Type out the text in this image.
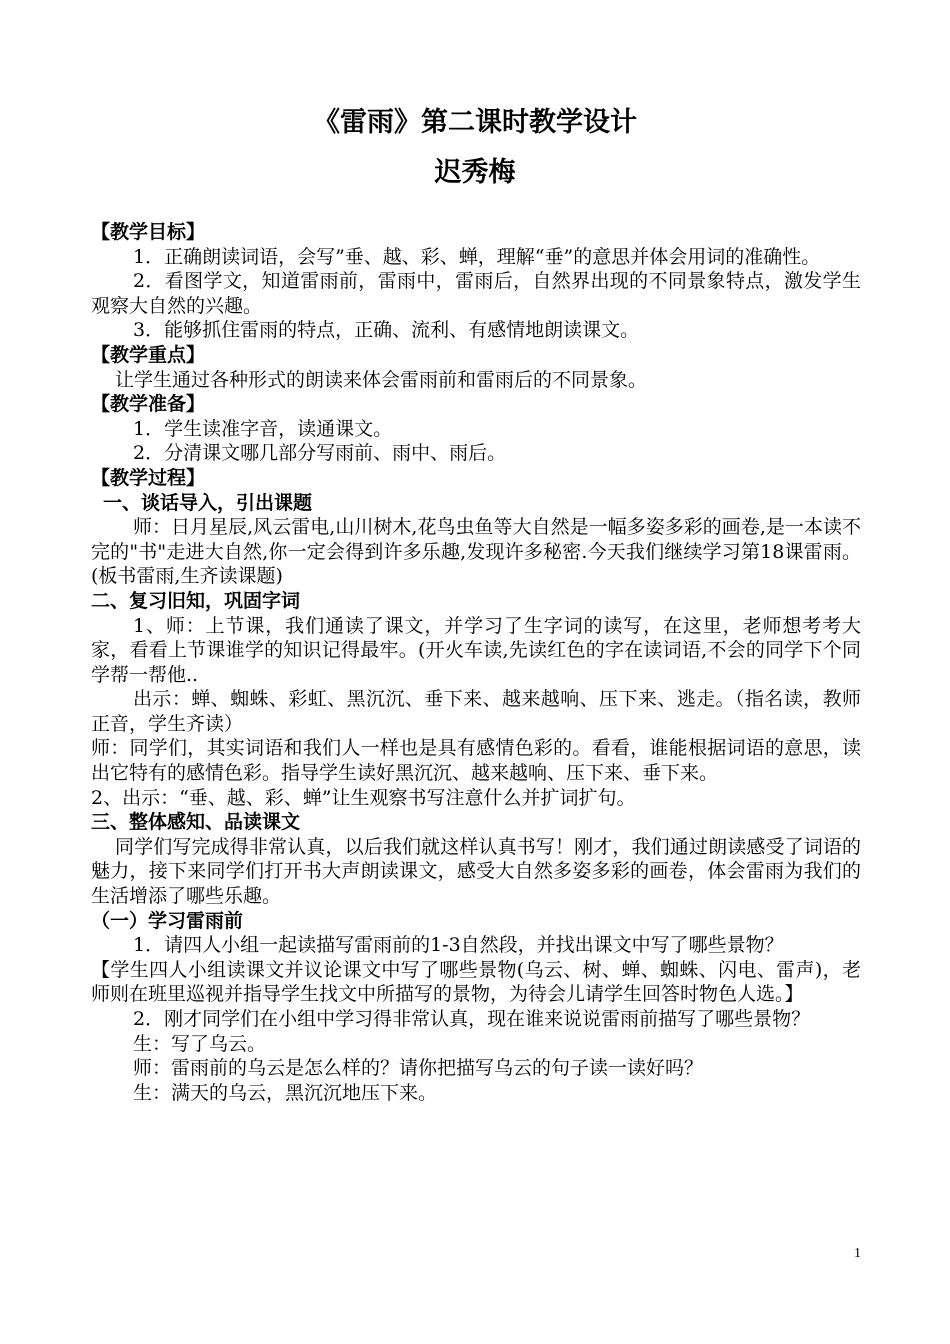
《雷雨》第二课时教学设计
迟秀梅

【教学目标】

1．正确朗读词语，会写”垂、越、彩、蝉，理解“垂”的意思并体会用词的准确性。

2．看图学文，知道雷雨前，雷雨中，雷雨后，自然界出现的不同景象特点，激发学生观察大自然的兴趣。

3．能够抓住雷雨的特点，正确、流利、有感情地朗读课文。

【教学重点】

让学生通过各种形式的朗读来体会雷雨前和雷雨后的不同景象。

【教学准备】

1．学生读准字音，读通课文。

2．分清课文哪几部分写雨前、雨中、雨后。

【教学过程】

一、谈话导入，引出课题

师：日月星辰,风云雷电,山川树木,花鸟虫鱼等大自然是一幅多姿多彩的画卷,是一本读不完的"书"走进大自然,你一定会得到许多乐趣,发现许多秘密.今天我们继续学习第18课雷雨。(板书雷雨,生齐读课题)

二、复习旧知，巩固字词

1、师：上节课，我们通读了课文，并学习了生字词的读写，在这里，老师想考考大家，看看上节课谁学的知识记得最牢。(开火车读,先读红色的字在读词语,不会的同学下个同学帮一帮他..

出示：蝉、蜘蛛、彩虹、黑沉沉、垂下来、越来越响、压下来、逃走。（指名读，教师正音，学生齐读）

师：同学们，其实词语和我们人一样也是具有感情色彩的。看看，谁能根据词语的意思，读出它特有的感情色彩。指导学生读好黑沉沉、越来越响、压下来、垂下来。

2、出示：“垂、越、彩、蝉”让生观察书写注意什么并扩词扩句。

三、整体感知、品读课文

同学们写完成得非常认真，以后我们就这样认真书写！刚才，我们通过朗读感受了词语的魅力，接下来同学们打开书大声朗读课文，感受大自然多姿多彩的画卷，体会雷雨为我们的生活增添了哪些乐趣。

（一）学习雷雨前

1．请四人小组一起读描写雷雨前的1-3自然段，并找出课文中写了哪些景物？

【学生四人小组读课文并议论课文中写了哪些景物(乌云、树、蝉、蜘蛛、闪电、雷声)，老师则在班里巡视并指导学生找文中所描写的景物，为待会儿请学生回答时物色人选。】

2．刚才同学们在小组中学习得非常认真，现在谁来说说雷雨前描写了哪些景物？

生：写了乌云。

师：雷雨前的乌云是怎么样的？请你把描写乌云的句子读一读好吗？

生：满天的乌云，黑沉沉地压下来。

1
